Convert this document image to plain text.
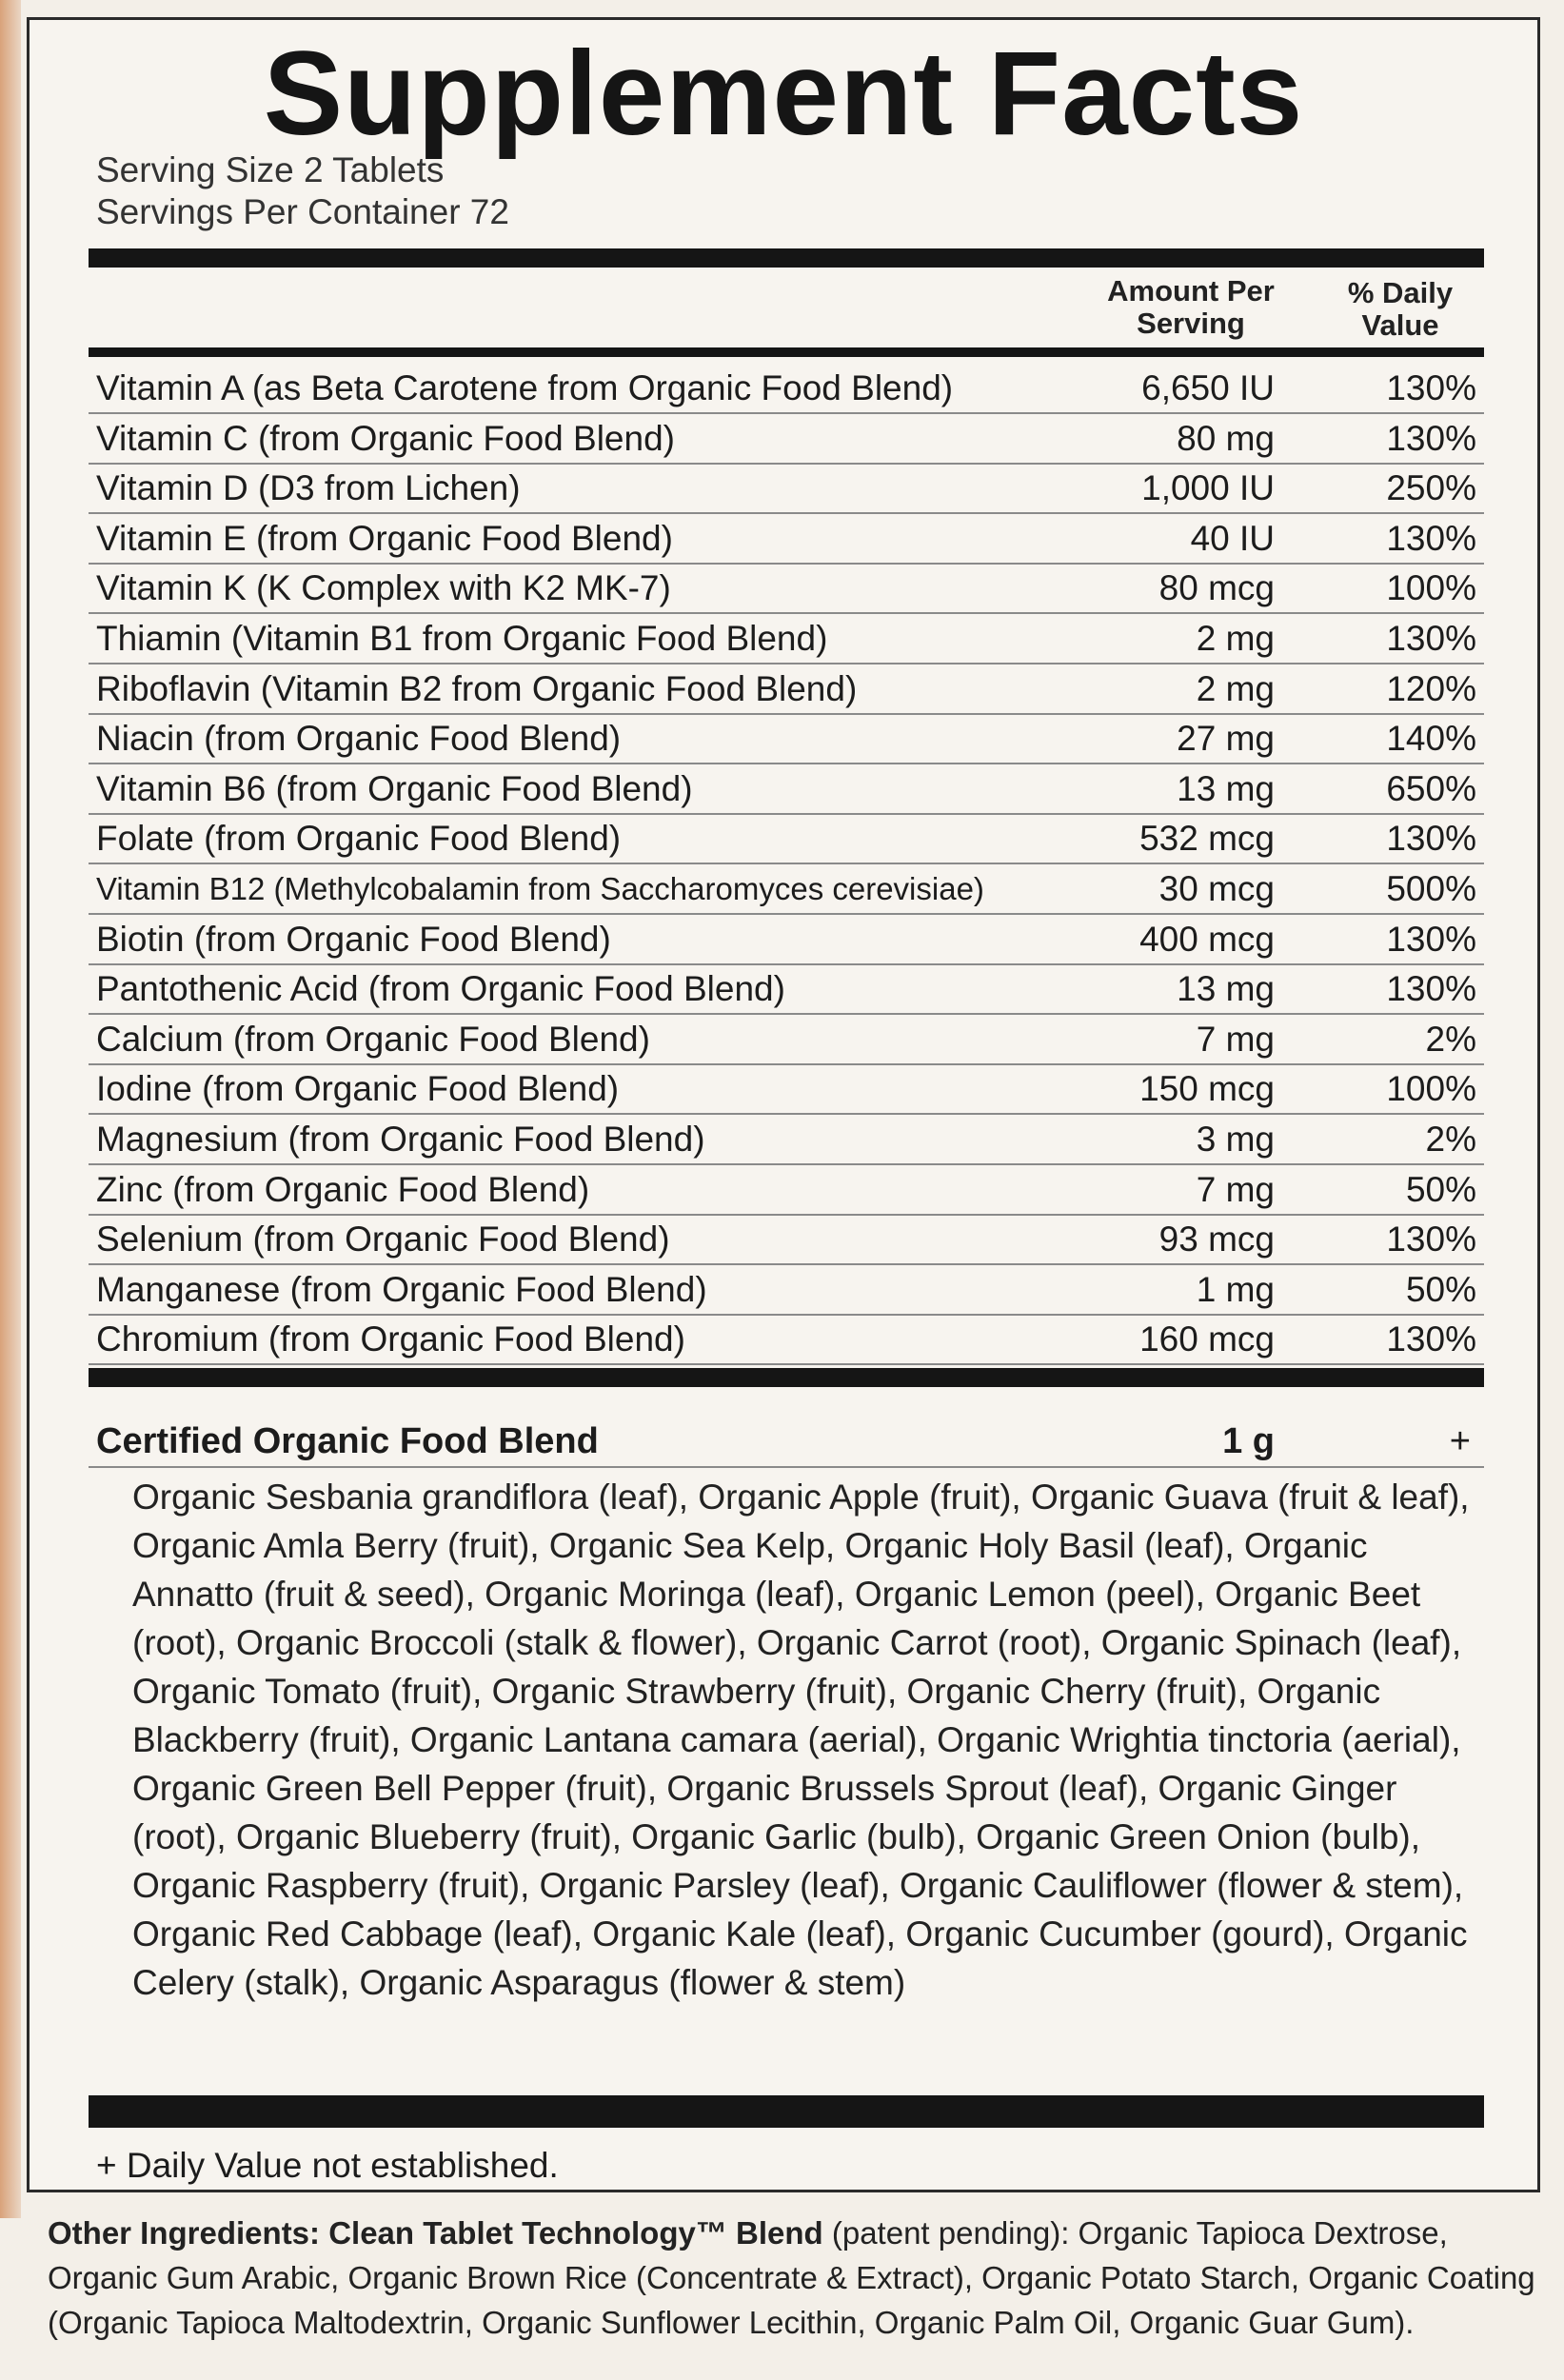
Supplement Facts
Serving Size 2 Tablets
Servings Per Container 72
Amount Per
Serving
% Daily
Value
Vitamin A (as Beta Carotene from Organic Food Blend)	6,650 IU	130%
Vitamin C (from Organic Food Blend)	80 mg	130%
Vitamin D (D3 from Lichen)	1,000 IU	250%
Vitamin E (from Organic Food Blend)	40 IU	130%
Vitamin K (K Complex with K2 MK-7)	80 mcg	100%
Thiamin (Vitamin B1 from Organic Food Blend)	2 mg	130%
Riboflavin (Vitamin B2 from Organic Food Blend)	2 mg	120%
Niacin (from Organic Food Blend)	27 mg	140%
Vitamin B6 (from Organic Food Blend)	13 mg	650%
Folate (from Organic Food Blend)	532 mcg	130%
Vitamin B12 (Methylcobalamin from Saccharomyces cerevisiae)	30 mcg	500%
Biotin (from Organic Food Blend)	400 mcg	130%
Pantothenic Acid (from Organic Food Blend)	13 mg	130%
Calcium (from Organic Food Blend)	7 mg	2%
Iodine (from Organic Food Blend)	150 mcg	100%
Magnesium (from Organic Food Blend)	3 mg	2%
Zinc (from Organic Food Blend)	7 mg	50%
Selenium (from Organic Food Blend)	93 mcg	130%
Manganese (from Organic Food Blend)	1 mg	50%
Chromium (from Organic Food Blend)	160 mcg	130%
Certified Organic Food Blend	1 g	+

Organic Sesbania grandiflora (leaf), Organic Apple (fruit), Organic Guava (fruit & leaf), Organic Amla Berry (fruit), Organic Sea Kelp, Organic Holy Basil (leaf), Organic Annatto (fruit & seed), Organic Moringa (leaf), Organic Lemon (peel), Organic Beet (root), Organic Broccoli (stalk & flower), Organic Carrot (root), Organic Spinach (leaf), Organic Tomato (fruit), Organic Strawberry (fruit), Organic Cherry (fruit), Organic Blackberry (fruit), Organic Lantana camara (aerial), Organic Wrightia tinctoria (aerial), Organic Green Bell Pepper (fruit), Organic Brussels Sprout (leaf), Organic Ginger (root), Organic Blueberry (fruit), Organic Garlic (bulb), Organic Green Onion (bulb), Organic Raspberry (fruit), Organic Parsley (leaf), Organic Cauliflower (flower & stem), Organic Red Cabbage (leaf), Organic Kale (leaf), Organic Cucumber (gourd), Organic Celery (stalk), Organic Asparagus (flower & stem)

+ Daily Value not established.

Other Ingredients: Clean Tablet Technology™ Blend (patent pending): Organic Tapioca Dextrose, Organic Gum Arabic, Organic Brown Rice (Concentrate & Extract), Organic Potato Starch, Organic Coating (Organic Tapioca Maltodextrin, Organic Sunflower Lecithin, Organic Palm Oil, Organic Guar Gum).
